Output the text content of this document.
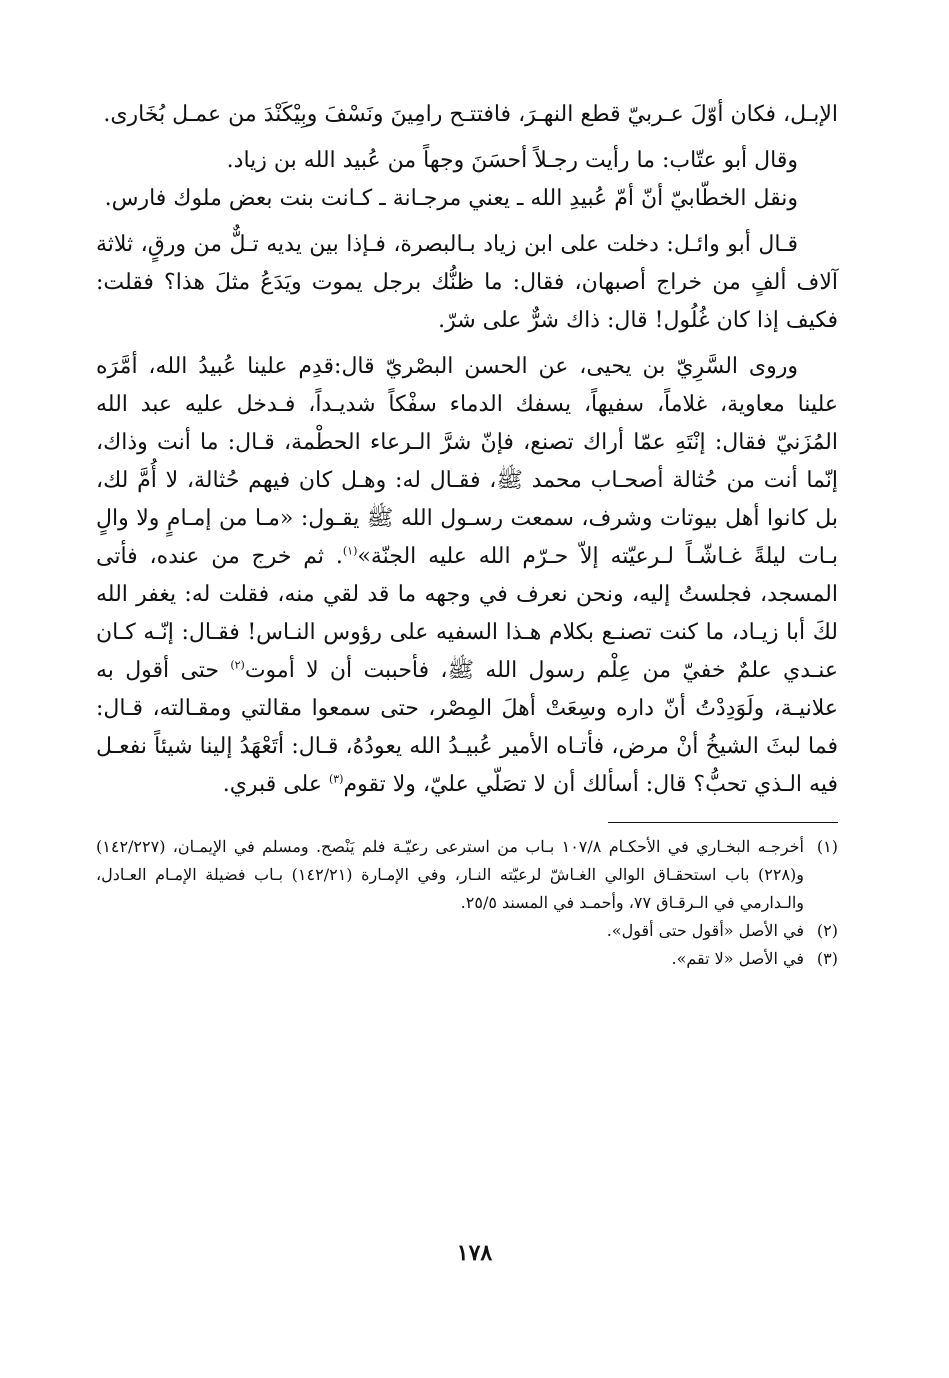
الإبـل، فكان أوّلَ عـربيّ قطع النهـرَ، فافتتـح رامِينَ ونَسْفَ وبِيْكَنْدَ من عمـل بُخَارى.

وقال أبو عتّاب: ما رأيت رجـلاً أحسَنَ وجهاً من عُبيد الله بن زياد.

ونقل الخطّابيّ أنّ أمّ عُبيدِ الله ـ يعني مرجـانة ـ كـانت بنت بعض ملوك فارس.

قـال أبو وائـل: دخلت على ابن زياد بـالبصرة، فـإذا بين يديه تـلٌّ من ورقٍ، ثلاثة آلاف ألفٍ من خراج أصبهان، فقال: ما ظنُّك برجل يموت ويَدَعُ مثلَ هذا؟ فقلت: فكيف إذا كان غُلُول! قال: ذاك شرٌّ على شرّ.

وروى السَّرِيّ بن يحيى، عن الحسن البصْريّ قال:قدِم علينا عُبيدُ الله، أمَّرَه علينا معاوية، غلاماً، سفيهاً، يسفك الدماء سفْكاً شديـداً، فـدخل عليه عبد الله المُزَنيّ فقال: إنْتَهِ عمّا أراك تصنع، فإنّ شرَّ الـرعاء الحطْمة، قـال: ما أنت وذاك، إنّما أنت من حُثالة أصحـاب محمد ﷺ، فقـال له: وهـل كان فيهم حُثالة، لا أُمَّ لك، بل كانوا أهل بيوتات وشرف، سمعت رسـول الله ﷺ يقـول: «مـا من إمـامٍ ولا والٍ بـات ليلةً غـاشّـاً لـرعيّته إلاّ حـرّم الله عليه الجنّة»$^{(١)}$. ثم خرج من عنده، فأتى المسجد، فجلستُ إليه، ونحن نعرف في وجهه ما قد لقي منه، فقلت له: يغفر الله لكَ أبا زيـاد، ما كنت تصنـع بكلام هـذا السفيه على رؤوس النـاس! فقـال: إنّـه كـان عنـدي علمٌ خفيّ من عِلْم رسول الله ﷺ، فأحببت أن لا أموت$^{(٢)}$ حتى أقول به علانيـة، ولَوَدِدْتُ أنّ داره وسِعَتْ أهلَ المِصْر، حتى سمعوا مقالتي ومقـالته، قـال: فما لبثَ الشيخُ أنْ مرض، فأتـاه الأمير عُبيـدُ الله يعودُهُ، قـال: أتَعْهَدُ إلينا شيئاً نفعـل فيه الـذي تحبُّ؟ قال: أسألك أن لا تصَلّي عليّ، ولا تقوم$^{(٣)}$ على قبري.

(١)
أخرجـه البخـاري في الأحكـام ١٠٧/٨ بـاب من استرعى رعيّـة فلم يَنْصح. ومسلم في الإيمـان، (١٤٢/٢٢٧) و(٢٢٨) باب استحقـاق الوالي الغـاشّ لرعيّته النـار، وفي الإمـارة (١٤٢/٢١) بـاب فضيلة الإمـام العـادل، والـدارمي في الـرقـاق ٧٧، وأحمـد في المسند ٢٥/٥.
(٢)
في الأصل «أقول حتى أقول».
(٣)
في الأصل «لا تقم».
١٧٨
